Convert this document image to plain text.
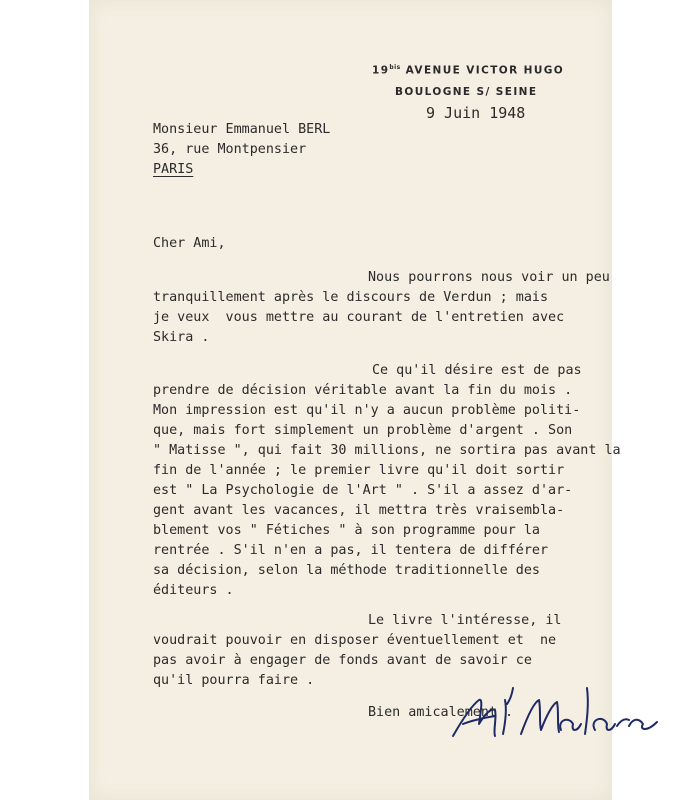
$19^{bis}$ AVENUE VICTOR HUGO
BOULOGNE S/ SEINE
9 Juin 1948
Monsieur Emmanuel BERL
36, rue Montpensier
PARIS
Cher Ami,
Nous pourrons nous voir un peu
tranquillement après le discours de Verdun ; mais
je veux  vous mettre au courant de l'entretien avec
Skira .
Ce qu'il désire est de pas
prendre de décision véritable avant la fin du mois .
Mon impression est qu'il n'y a aucun problème politi-
que, mais fort simplement un problème d'argent . Son
" Matisse ", qui fait 30 millions, ne sortira pas avant la
fin de l'année ; le premier livre qu'il doit sortir
est " La Psychologie de l'Art " . S'il a assez d'ar-
gent avant les vacances, il mettra très vraisembla-
blement vos " Fétiches " à son programme pour la
rentrée . S'il n'en a pas, il tentera de différer
sa décision, selon la méthode traditionnelle des
éditeurs .
Le livre l'intéresse, il
voudrait pouvoir en disposer éventuellement et  ne
pas avoir à engager de fonds avant de savoir ce
qu'il pourra faire .
Bien amicalement .
